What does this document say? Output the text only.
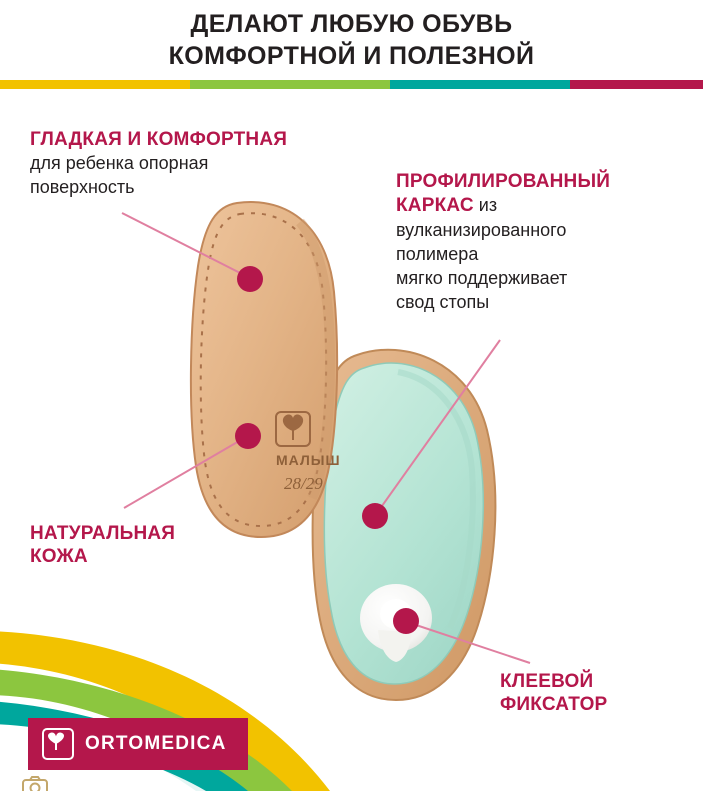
ДЕЛАЮТ ЛЮБУЮ ОБУВЬ
КОМФОРТНОЙ И ПОЛЕЗНОЙ
МАЛЫШ
28/29
ГЛАДКАЯ И КОМФОРТНАЯ
для ребенка опорная
поверхность	ПРОФИЛИРОВАННЫЙ
КАРКАС из
вулканизированного
полимера
мягко поддерживает
свод стопы
НАТУРАЛЬНАЯ
КОЖА
КЛЕЕВОЙ
ФИКСАТОР
ORTOMEDICA
